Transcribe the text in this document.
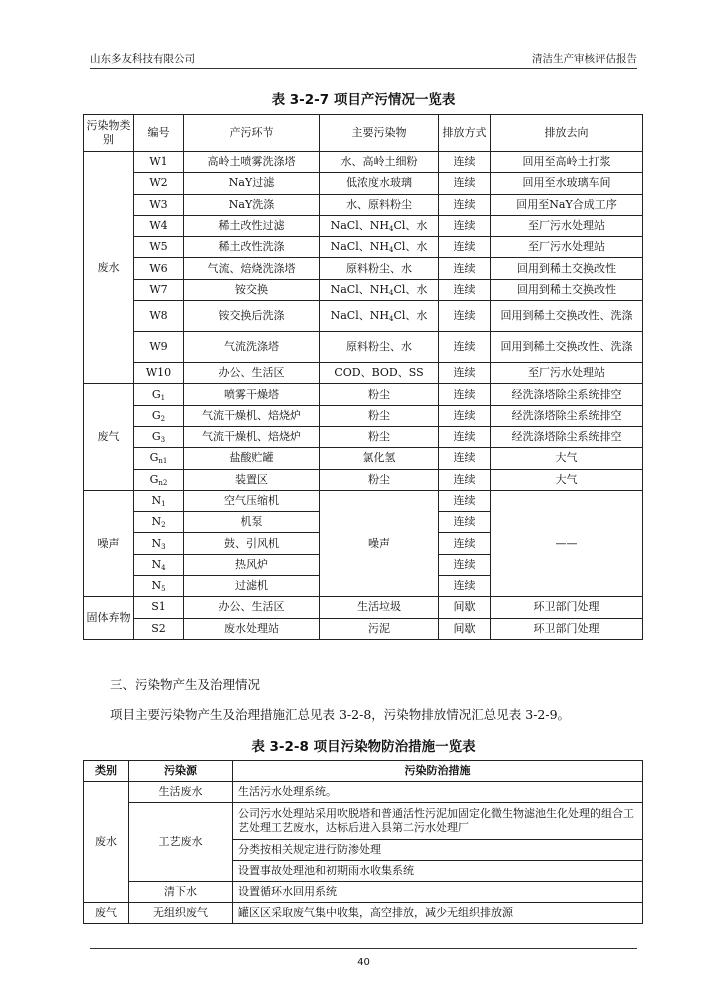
山东多友科技有限公司	清洁生产审核评估报告
表 3-2-7 项目产污情况一览表
污染物类别	编号	产污环节	主要污染物	排放方式	排放去向
废水	W1	高岭土喷雾洗涤塔	水、高岭土细粉	连续	回用至高岭土打浆
	W2	NaY过滤	低浓度水玻璃	连续	回用至水玻璃车间
	W3	NaY洗涤	水、原料粉尘	连续	回用至NaY合成工序
	W4	稀土改性过滤	NaCl、$NH_4Cl$、水	连续	至厂污水处理站
	W5	稀土改性洗涤	NaCl、$NH_4Cl$、水	连续	至厂污水处理站
	W6	气流、焙烧洗涤塔	原料粉尘、水	连续	回用到稀土交换改性
	W7	铵交换	NaCl、$NH_4Cl$、水	连续	回用到稀土交换改性
	W8	铵交换后洗涤	NaCl、$NH_4Cl$、水	连续	回用到稀土交换改性、洗涤
	W9	气流洗涤塔	原料粉尘、水	连续	回用到稀土交换改性、洗涤
	W10	办公、生活区	COD、BOD、SS	连续	至厂污水处理站
废气	$G_1$	喷雾干燥塔	粉尘	连续	经洗涤塔除尘系统排空
	$G_2$	气流干燥机、焙烧炉	粉尘	连续	经洗涤塔除尘系统排空
	$G_3$	气流干燥机、焙烧炉	粉尘	连续	经洗涤塔除尘系统排空
	$G_{n1}$	盐酸贮罐	氯化氢	连续	大气
	$G_{n2}$	装置区	粉尘	连续	大气
噪声	$N_1$	空气压缩机	噪声	连续	——
	$N_2$	机泵		连续	
	$N_3$	鼓、引风机		连续	
	$N_4$	热风炉		连续	
	$N_5$	过滤机		连续	
固体弃物	S1	办公、生活区	生活垃圾	间歇	环卫部门处理
	S2	废水处理站	污泥	间歇	环卫部门处理
三、污染物产生及治理情况
项目主要污染物产生及治理措施汇总见表 3-2-8，污染物排放情况汇总见表 3-2-9。
表 3-2-8 项目污染物防治措施一览表
类别	污染源	污染防治措施
废水	生活废水	生活污水处理系统。
	工艺废水	公司污水处理站采用吹脱塔和普通活性污泥加固定化微生物滤池生化处理的组合工艺处理工艺废水，达标后进入县第二污水处理厂
		分类按相关规定进行防渗处理
		设置事故处理池和初期雨水收集系统
	清下水	设置循环水回用系统
废气	无组织废气	罐区区采取废气集中收集，高空排放，减少无组织排放源
40
